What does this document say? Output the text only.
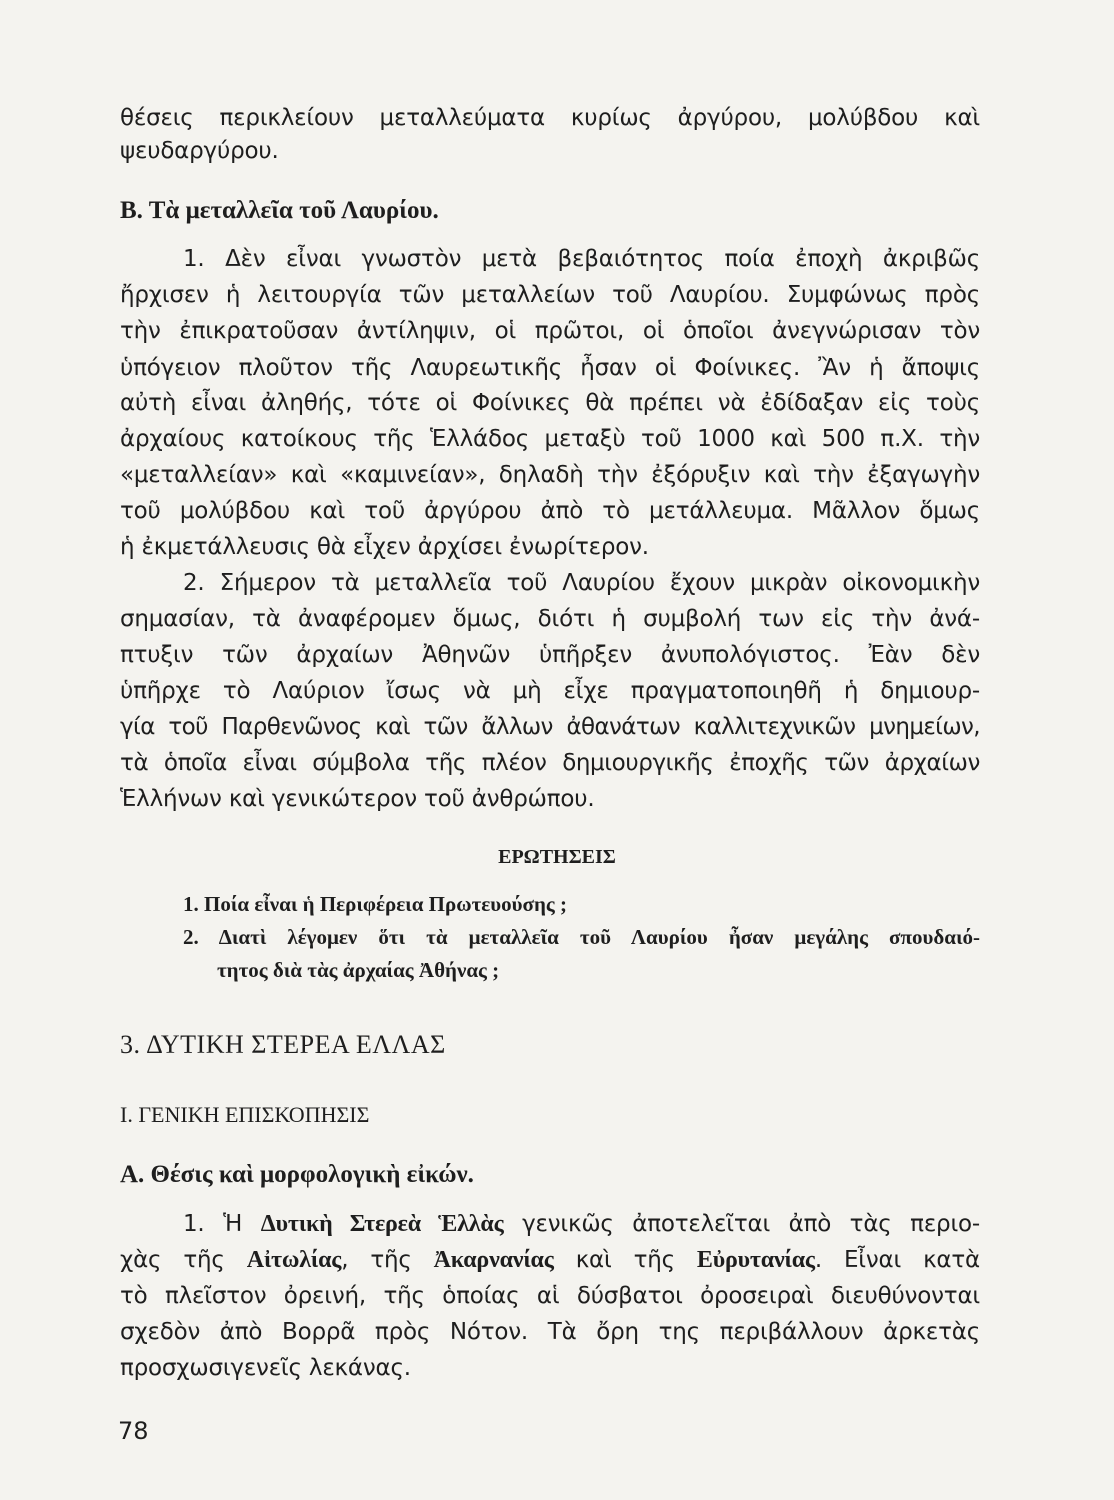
θέσεις περικλείουν μεταλλεύματα κυρίως ἀργύρου, μολύβδου καὶ
ψευδαργύρου.
Β. Τὰ μεταλλεῖα τοῦ Λαυρίου.
1. Δὲν εἶναι γνωστὸν μετὰ βεβαιότητος ποία ἐποχὴ ἀκριβῶς
ἤρχισεν ἡ λειτουργία τῶν μεταλλείων τοῦ Λαυρίου. Συμφώνως πρὸς
τὴν ἐπικρατοῦσαν ἀντίληψιν, οἱ πρῶτοι, οἱ ὁποῖοι ἀνεγνώρισαν τὸν
ὑπόγειον πλοῦτον τῆς Λαυρεωτικῆς ἦσαν οἱ Φοίνικες. Ἂν ἡ ἄποψις
αὐτὴ εἶναι ἀληθής, τότε οἱ Φοίνικες θὰ πρέπει νὰ ἐδίδαξαν εἰς τοὺς
ἀρχαίους κατοίκους τῆς Ἑλλάδος μεταξὺ τοῦ 1000 καὶ 500 π.Χ. τὴν
«μεταλλείαν» καὶ «καμινείαν», δηλαδὴ τὴν ἐξόρυξιν καὶ τὴν ἐξαγωγὴν
τοῦ μολύβδου καὶ τοῦ ἀργύρου ἀπὸ τὸ μετάλλευμα. Μᾶλλον ὅμως
ἡ ἐκμετάλλευσις θὰ εἶχεν ἀρχίσει ἐνωρίτερον.
2. Σήμερον τὰ μεταλλεῖα τοῦ Λαυρίου ἔχουν μικρὰν οἰκονομικὴν
σημασίαν, τὰ ἀναφέρομεν ὅμως, διότι ἡ συμβολή των εἰς τὴν ἀνά-
πτυξιν τῶν ἀρχαίων Ἀθηνῶν ὑπῆρξεν ἀνυπολόγιστος. Ἐὰν δὲν
ὑπῆρχε τὸ Λαύριον ἴσως νὰ μὴ εἶχε πραγματοποιηθῆ ἡ δημιουρ-
γία τοῦ Παρθενῶνος καὶ τῶν ἄλλων ἀθανάτων καλλιτεχνικῶν μνημείων,
τὰ ὁποῖα εἶναι σύμβολα τῆς πλέον δημιουργικῆς ἐποχῆς τῶν ἀρχαίων
Ἑλλήνων καὶ γενικώτερον τοῦ ἀνθρώπου.
ΕΡΩΤΗΣΕΙΣ
1. Ποία εἶναι ἡ Περιφέρεια Πρωτευούσης ;
2. Διατὶ λέγομεν ὅτι τὰ μεταλλεῖα τοῦ Λαυρίου ἦσαν μεγάλης σπουδαιό-
τητος διὰ τὰς ἀρχαίας Ἀθήνας ;
3. ΔΥΤΙΚΗ ΣΤΕΡΕΑ ΕΛΛΑΣ
Ι. ΓΕΝΙΚΗ ΕΠΙΣΚΟΠΗΣΙΣ
Α. Θέσις καὶ μορφολογικὴ εἰκών.
1. Ἡ Δυτικὴ Στερεὰ Ἑλλὰς γενικῶς ἀποτελεῖται ἀπὸ τὰς περιο-
χὰς τῆς Αἰτωλίας, τῆς Ἀκαρνανίας καὶ τῆς Εὐρυτανίας. Εἶναι κατὰ
τὸ πλεῖστον ὀρεινή, τῆς ὁποίας αἱ δύσβατοι ὀροσειραὶ διευθύνονται
σχεδὸν ἀπὸ Βορρᾶ πρὸς Νότον. Τὰ ὄρη της περιβάλλουν ἀρκετὰς
προσχωσιγενεῖς λεκάνας.
78
